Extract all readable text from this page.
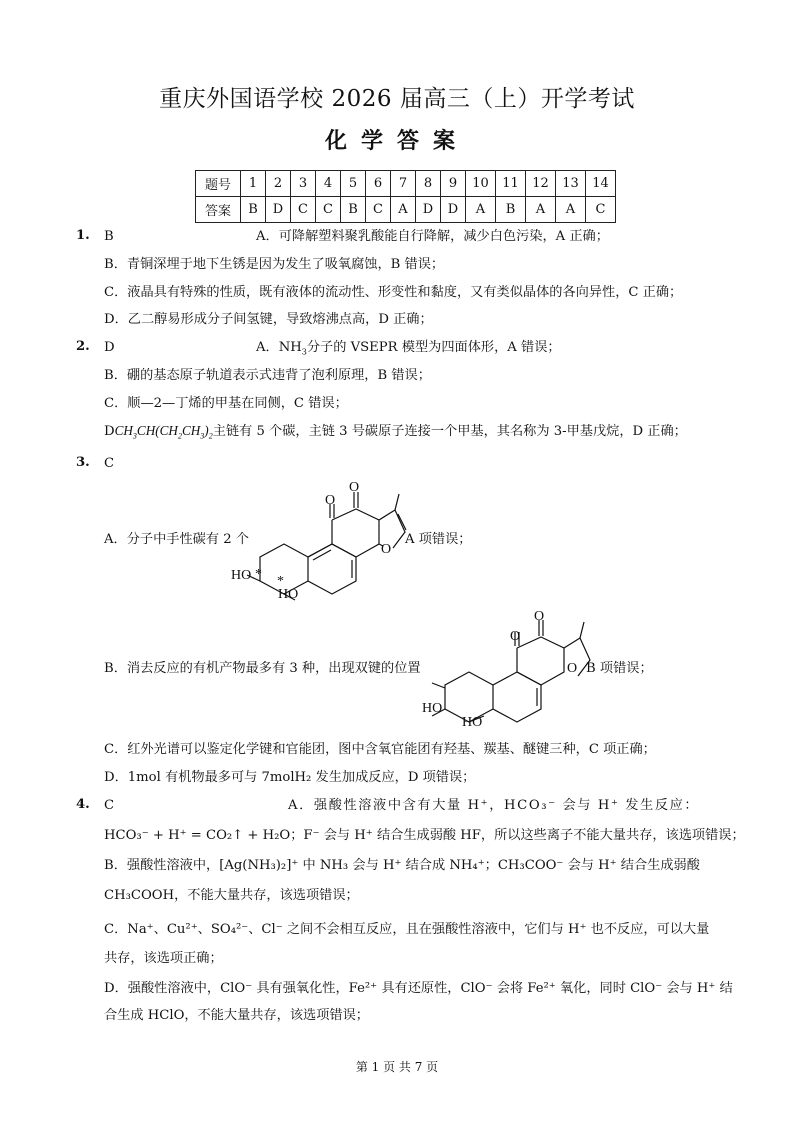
重庆外国语学校 2026 届高三（上）开学考试
化学答案
题号	1	2	3	4	5	6	7	8	9	10	11	12	13	14
答案	B	D	C	C	B	C	A	D	D	A	B	A	A	C
1. B	A．可降解塑料聚乳酸能自行降解，减少白色污染，A 正确；
B．青铜深埋于地下生锈是因为发生了吸氧腐蚀，B 错误；
C．液晶具有特殊的性质，既有液体的流动性、形变性和黏度，又有类似晶体的各向异性，C 正确；
D．乙二醇易形成分子间氢键，导致熔沸点高，D 正确；
2. D	A．$NH_3$分子的 VSEPR 模型为四面体形，A 错误；
B．硼的基态原子轨道表示式违背了泡利原理，B 错误；
C．顺—2—丁烯的甲基在同侧，C 错误；
$DCH_3CH(CH_2CH_3)_2$主链有 5 个碳，主链 3 号碳原子连接一个甲基，其名称为 3-甲基戊烷，D 正确；
3. C
A．分子中手性碳有 2 个	A 项错误；
O
O
O
*
HO *
HO
B．消去反应的有机产物最多有 3 种，出现双键的位置	B 项错误；
O
O
O
HO
HO
C．红外光谱可以鉴定化学键和官能团，图中含氧官能团有羟基、羰基、醚键三种，C 项正确；
D．1mol 有机物最多可与 7molH₂ 发生加成反应，D 项错误；
4. C	A．强酸性溶液中含有大量 H⁺，HCO₃⁻ 会与 H⁺ 发生反应：
HCO₃⁻ + H⁺ = CO₂↑ + H₂O；F⁻ 会与 H⁺ 结合生成弱酸 HF，所以这些离子不能大量共存，该选项错误；
B．强酸性溶液中，[Ag(NH₃)₂]⁺ 中 NH₃ 会与 H⁺ 结合成 NH₄⁺；CH₃COO⁻ 会与 H⁺ 结合生成弱酸
CH₃COOH，不能大量共存，该选项错误；
C．Na⁺、Cu²⁺、SO₄²⁻、Cl⁻ 之间不会相互反应，且在强酸性溶液中，它们与 H⁺ 也不反应，可以大量
共存，该选项正确；
D．强酸性溶液中，ClO⁻ 具有强氧化性，Fe²⁺ 具有还原性，ClO⁻ 会将 Fe²⁺ 氧化，同时 ClO⁻ 会与 H⁺ 结
合生成 HClO，不能大量共存，该选项错误；
第 1 页 共 7 页
